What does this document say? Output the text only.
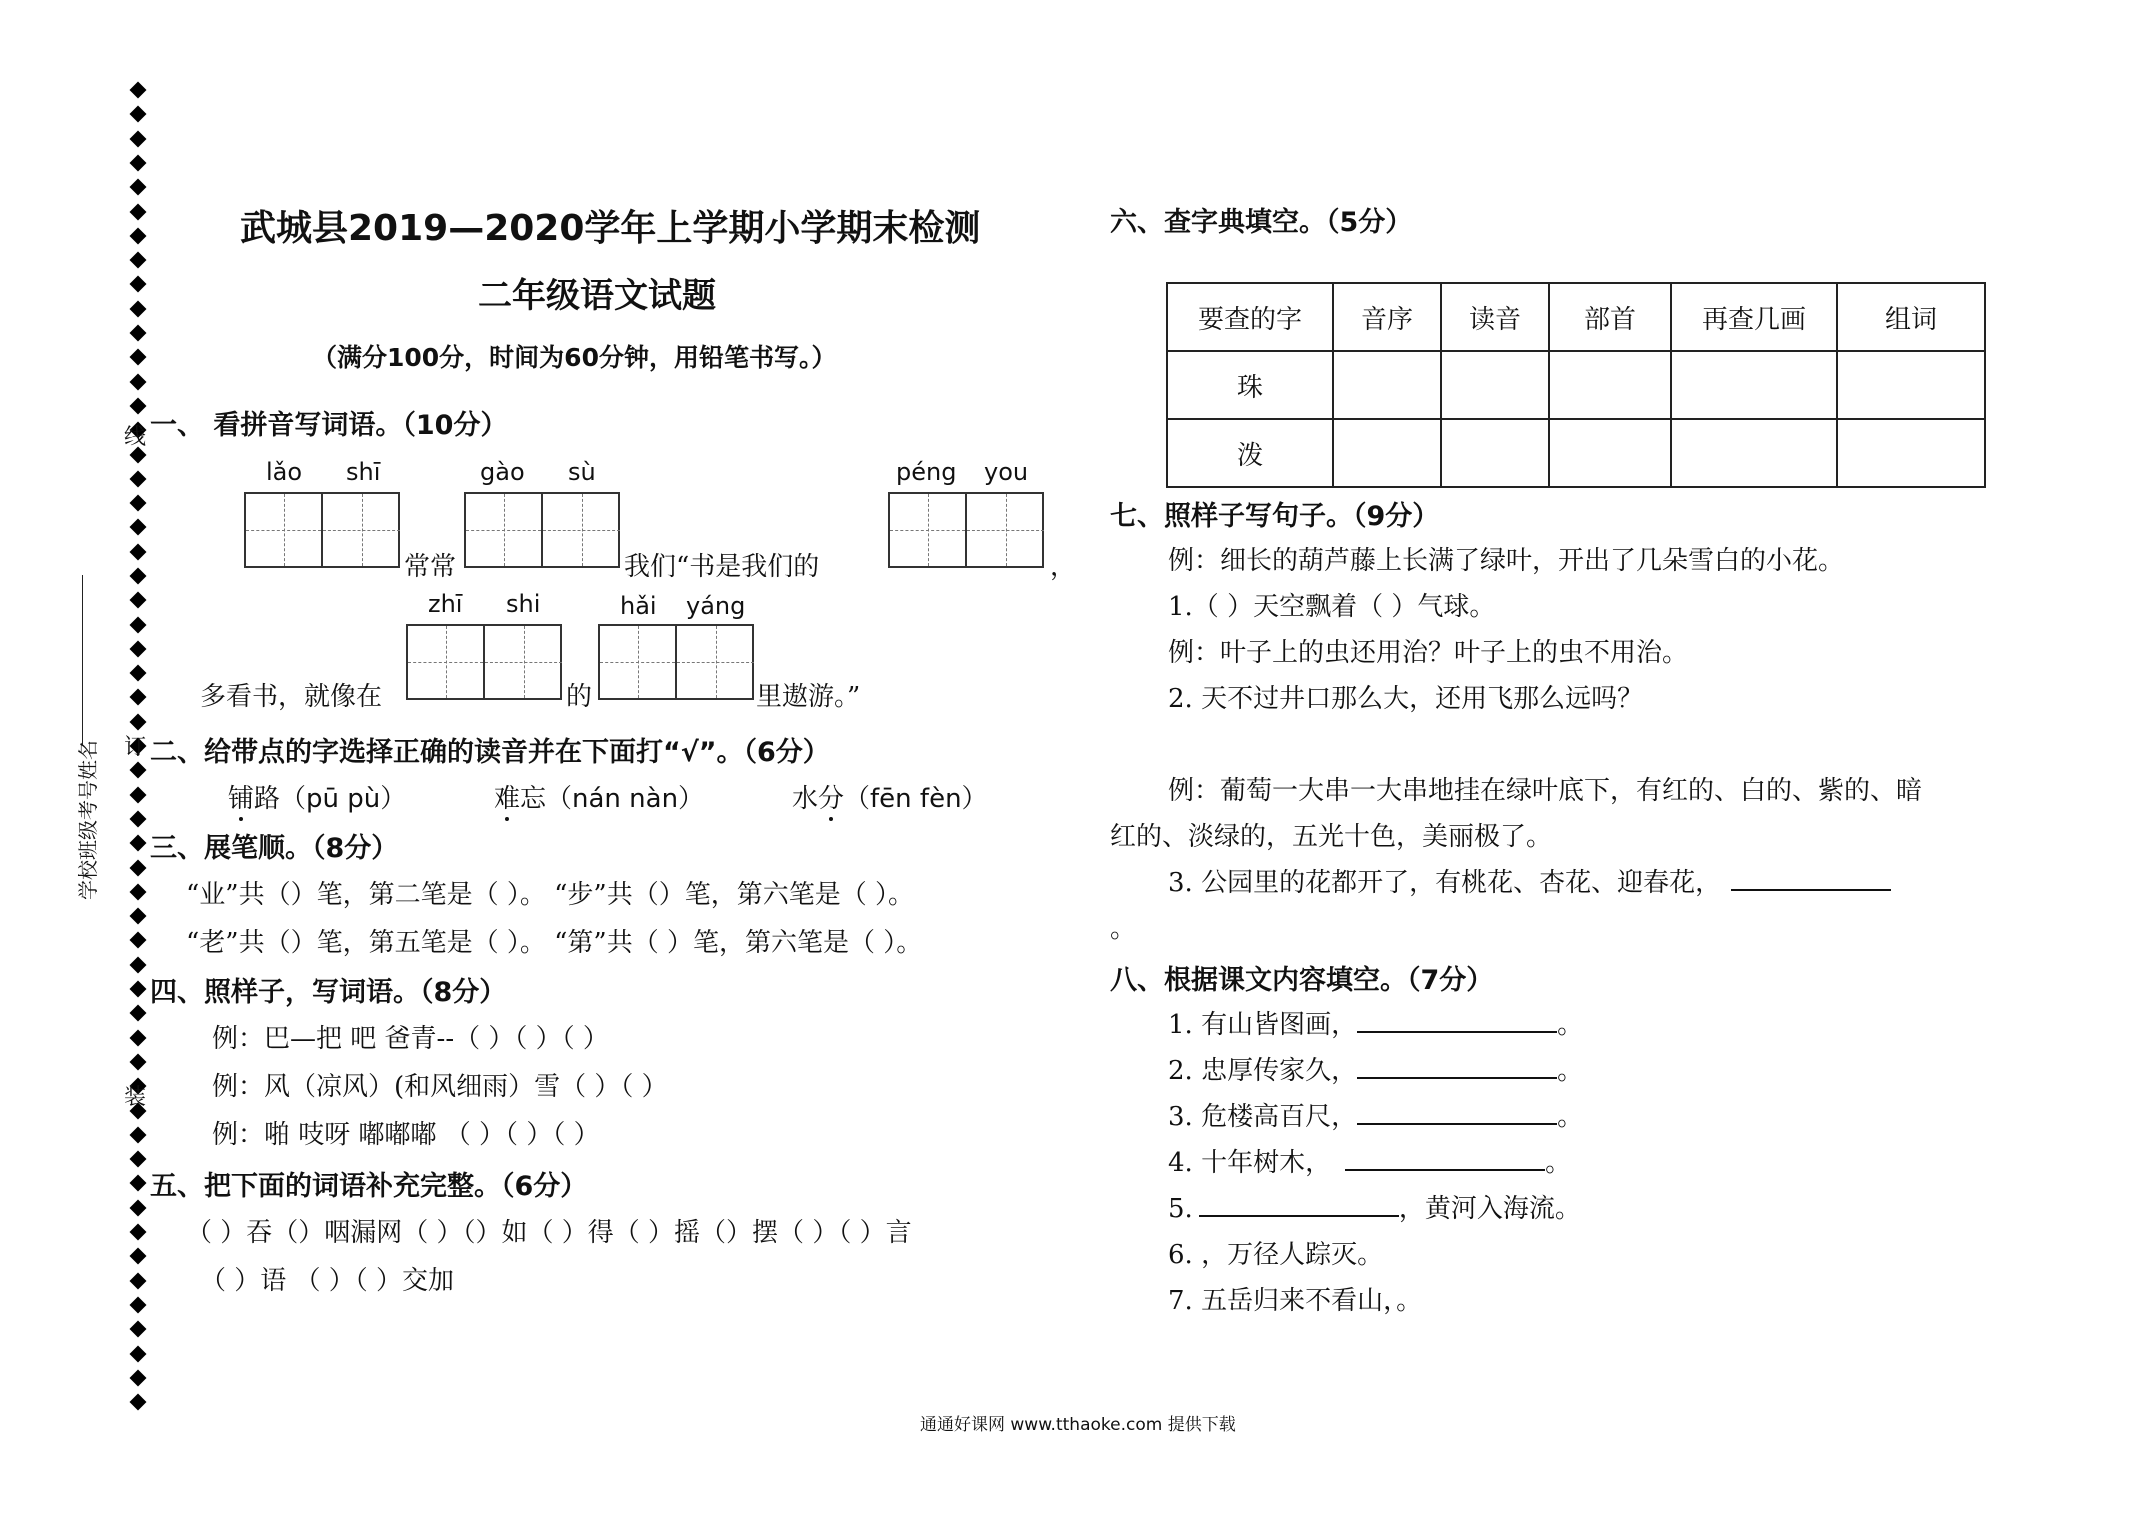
学校班级考号姓名
线
订
装
武城县2019—2020学年上学期小学期末检测
二年级语文试题
（满分100分，时间为60分钟，用铅笔书写。）
一、 看拼音写词语。（10分）
lǎo shī	gào sù	péng you
zhī shi	hǎi yáng
常常	我们“书是我们的	，
多看书，就像在	的	里遨游。”
二、给带点的字选择正确的读音并在下面打“√”。（6分）
铺路（pū pù）	难忘（nán nàn）	水分（fēn fèn）
三、展笔顺。（8分）
“业”共（）笔，第二笔是（ ）。 “步”共（）笔，第六笔是（ ）。
“老”共（）笔，第五笔是（ ）。 “第”共（ ）笔，第六笔是（ ）。
四、照样子，写词语。（8分）
例：巴—把 吧 爸青--（ ）（ ）（ ）
例：风（凉风）(和风细雨）雪（ ）（ ）
例：啪 吱呀 嘟嘟嘟 （ ）（ ）（ ）
五、把下面的词语补充完整。（6分）
（ ）吞（）咽漏网（ ）（）如（ ）得（ ）摇（）摆（ ）（ ）言
（ ）语 （ ）（ ）交加
六、查字典填空。（5分）
要查的字	音序	读音	部首	再查几画	组词
珠					
泼					
七、照样子写句子。（9分）
例：细长的葫芦藤上长满了绿叶，开出了几朵雪白的小花。
1.（ ）天空飘着（ ）气球。
例：叶子上的虫还用治？叶子上的虫不用治。
2. 天不过井口那么大，还用飞那么远吗？
例：葡萄一大串一大串地挂在绿叶底下，有红的、白的、紫的、暗
红的、淡绿的，五光十色，美丽极了。
3. 公园里的花都开了，有桃花、杏花、迎春花，
。
八、根据课文内容填空。（7分）
1. 有山皆图画，	。
2. 忠厚传家久，	。
3. 危楼高百尺，	。
4. 十年树木，	。
5.	，黄河入海流。
6. ，万径人踪灭。
7. 五岳归来不看山，。
通通好课网 www.tthaoke.com 提供下载
